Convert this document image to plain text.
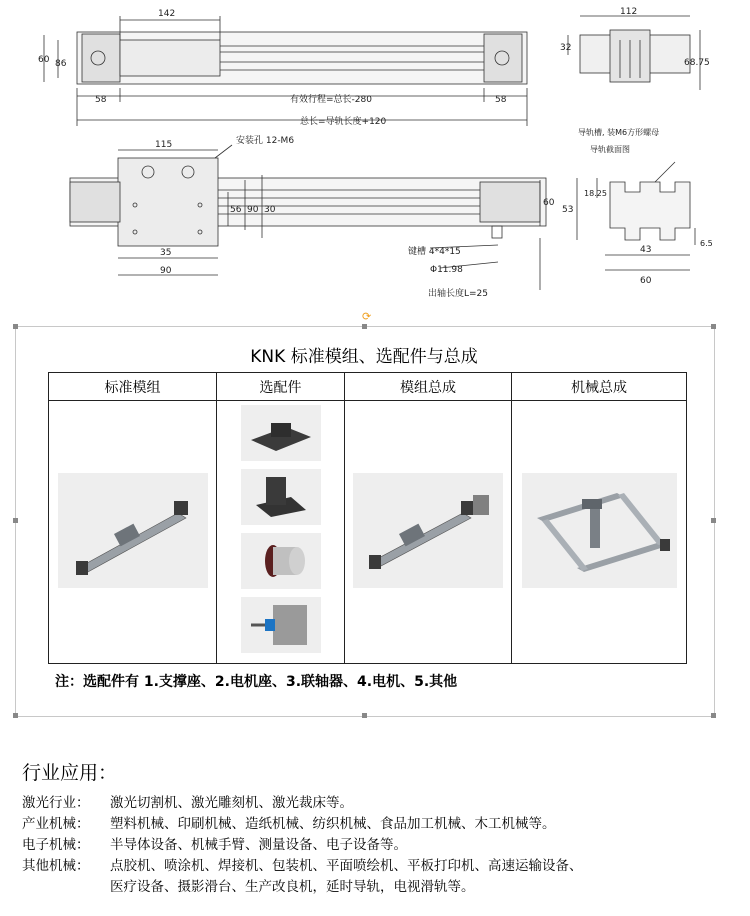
142
60 86
58	58
有效行程=总长-280
总长=导轨长度+120
112
32
68.75
115	安装孔 12-M6
35
90
56 90 30
60
键槽 4*4*15
Φ11.98
出轴长度L=25
导轨槽, 装M6方形螺母
导轨截面图
18.25
53
43
60
6.5
⟳
KNK 标准模组、选配件与总成
标准模组	选配件	模组总成	机械总成

注：选配件有 1.支撑座、2.电机座、3.联轴器、4.电机、5.其他
行业应用：
激光行业：	激光切割机、激光雕刻机、激光裁床等。
产业机械：	塑料机械、印刷机械、造纸机械、纺织机械、食品加工机械、木工机械等。
电子机械：	半导体设备、机械手臂、测量设备、电子设备等。
其他机械：	点胶机、喷涂机、焊接机、包装机、平面喷绘机、平板打印机、高速运输设备、
医疗设备、摄影滑台、生产改良机，延时导轨，电视滑轨等。
